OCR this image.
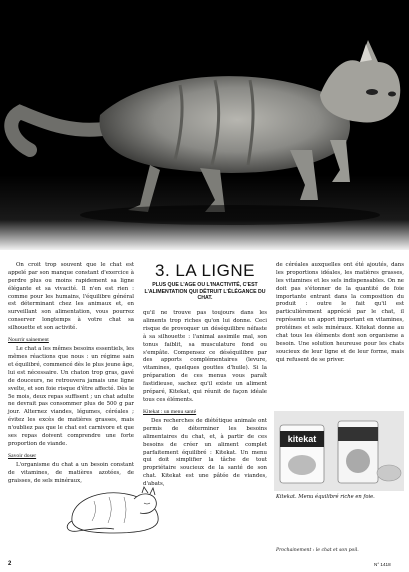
On croit trop souvent que le chat est appelé par son manque constant d'exercice à perdre plus ou moins rapidement sa ligne élégante et sa vivacité. Il n'en est rien : comme pour les humains, l'équilibre général est déterminant chez les animaux et, en surveillant son alimentation, vous pourrez conserver longtemps à votre chat sa silhouette et son activité.

Nourrir sainement

Le chat a les mêmes besoins essentiels, les mêmes réactions que nous : un régime sain et équilibré, commencé dès le plus jeune âge, lui est nécessaire. Un chaton trop gras, gavé de douceurs, ne retrouvera jamais une ligne svelte, et son foie risque d'être affecté. Dès le 5e mois, deux repas suffisent ; un chat adulte ne devrait pas consommer plus de 500 g par jour. Alternez viandes, légumes, céréales ; évitez les excès de matières grasses, mais n'oubliez pas que le chat est carnivore et que ses repas doivent comprendre une forte proportion de viande.

Savoir doser

L'organisme du chat a un besoin constant de vitamines, de matières azotées, de graisses, de sels minéraux,

3. LA LIGNE
PLUS QUE L'AGE OU L'INACTIVITÉ, C'EST L'ALIMENTATION QUI DÉTRUIT L'ÉLÉGANCE DU CHAT.

qu'il ne trouve pas toujours dans les aliments trop riches qu'on lui donne. Ceci risque de provoquer un déséquilibre néfaste à sa silhouette : l'animal assimile mal, son tonus faiblit, sa musculature fond ou s'empâte. Compensez ce déséquilibre par des apports complémentaires (levure, vitamines, quelques gouttes d'huile). Si la préparation de ces menus vous paraît fastidieuse, sachez qu'il existe un aliment préparé, Kitekat, qui réunit de façon idéale tous ces éléments.

Kitekat : un menu santé

Des recherches de diététique animale ont permis de déterminer les besoins alimentaires du chat, et, à partir de ces besoins de créer un aliment complet parfaitement équilibré : Kitekat. Un menu qui doit simplifier la tâche de tout propriétaire soucieux de la santé de son chat. Kitekat est une pâtée de viandes, d'abats,

de céréales auxquelles ont été ajoutés, dans les proportions idéales, les matières grasses, les vitamines et les sels indispensables. On ne doit pas s'étonner de la quantité de foie importante entrant dans la composition du produit : outre le fait qu'il est particulièrement apprécié par le chat, il représente un apport important en vitamines, protéines et sels minéraux. Kitekat donne au chat tous les éléments dont son organisme a besoin. Une solution heureuse pour les chats soucieux de leur ligne et de leur forme, mais qui refusent de se priver.

kitekat
Kitekat. Menu équilibré riche en foie.
Prochainement : le chat et son poil.
2	N° 1418
